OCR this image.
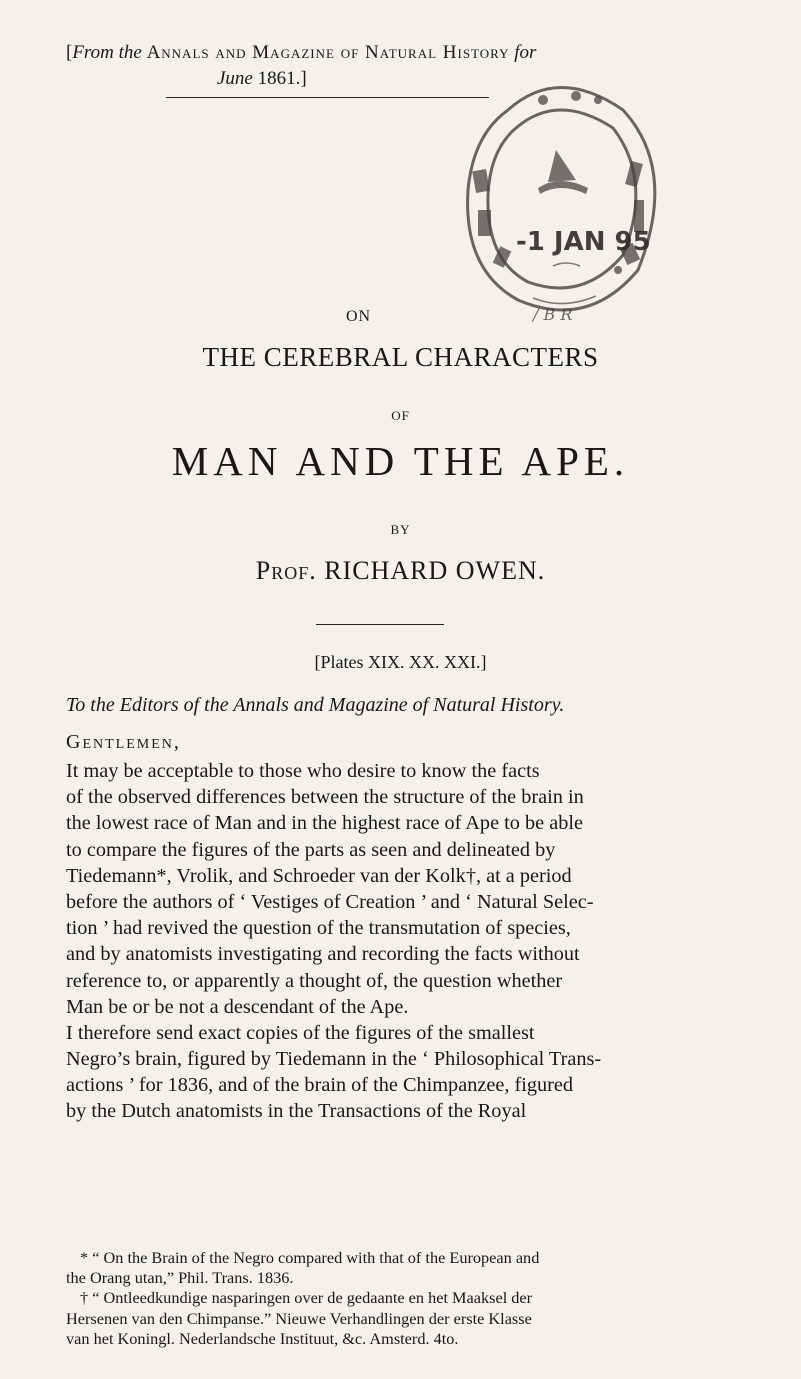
[From the Annals and Magazine of Natural History for
June 1861.]
-1 JAN 95
/ B R
ON
THE CEREBRAL CHARACTERS
OF
MAN AND THE APE.
BY
Prof. RICHARD OWEN.
[Plates XIX. XX. XXI.]
To the Editors of the Annals and Magazine of Natural History.
Gentlemen,
It may be acceptable to those who desire to know the facts
of the observed differences between the structure of the brain in
the lowest race of Man and in the highest race of Ape to be able
to compare the figures of the parts as seen and delineated by
Tiedemann*, Vrolik, and Schroeder van der Kolk†, at a period
before the authors of ‘ Vestiges of Creation ’ and ‘ Natural Selec-
tion ’ had revived the question of the transmutation of species,
and by anatomists investigating and recording the facts without
reference to, or apparently a thought of, the question whether
Man be or be not a descendant of the Ape.
I therefore send exact copies of the figures of the smallest
Negro’s brain, figured by Tiedemann in the ‘ Philosophical Trans-
actions ’ for 1836, and of the brain of the Chimpanzee, figured
by the Dutch anatomists in the Transactions of the Royal
* “ On the Brain of the Negro compared with that of the European and
the Orang utan,” Phil. Trans. 1836.
† “ Ontleedkundige nasparingen over de gedaante en het Maaksel der
Hersenen van den Chimpanse.” Nieuwe Verhandlingen der erste Klasse
van het Koningl. Nederlandsche Instituut, &c. Amsterd. 4to.
